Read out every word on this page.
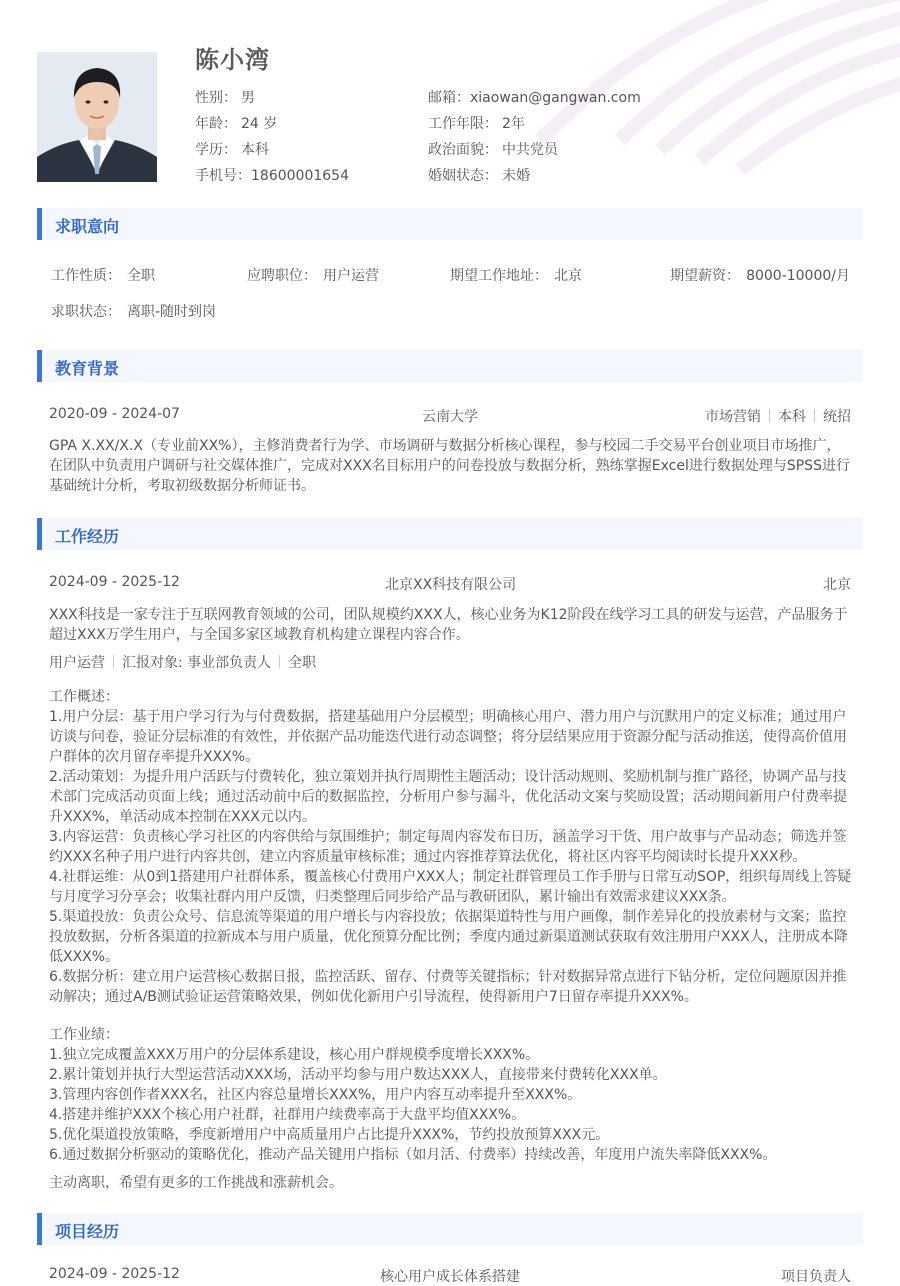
陈小湾
性别： 男	邮箱：xiaowan@gangwan.com
年龄： 24 岁	工作年限： 2年
学历： 本科	政治面貌： 中共党员
手机号：18600001654	婚姻状态： 未婚
求职意向
工作性质： 全职	应聘职位： 用户运营	期望工作地址： 北京	期望薪资： 8000-10000/月
求职状态： 离职-随时到岗
教育背景
2020-09 - 2024-07	云南大学	市场营销 本科 统招
GPA X.XX/X.X（专业前XX%），主修消费者行为学、市场调研与数据分析核心课程，参与校园二手交易平台创业项目市场推广，
在团队中负责用户调研与社交媒体推广，完成对XXX名目标用户的问卷投放与数据分析，熟练掌握Excel进行数据处理与SPSS进行
基础统计分析，考取初级数据分析师证书。
工作经历
2024-09 - 2025-12	北京XX科技有限公司	北京
XXX科技是一家专注于互联网教育领域的公司，团队规模约XXX人，核心业务为K12阶段在线学习工具的研发与运营，产品服务于
超过XXX万学生用户，与全国多家区域教育机构建立课程内容合作。
用户运营 汇报对象: 事业部负责人 全职
工作概述：
1.用户分层：基于用户学习行为与付费数据，搭建基础用户分层模型；明确核心用户、潜力用户与沉默用户的定义标准；通过用户
访谈与问卷，验证分层标准的有效性，并依据产品功能迭代进行动态调整；将分层结果应用于资源分配与活动推送，使得高价值用
户群体的次月留存率提升XXX%。
2.活动策划：为提升用户活跃与付费转化，独立策划并执行周期性主题活动；设计活动规则、奖励机制与推广路径，协调产品与技
术部门完成活动页面上线；通过活动前中后的数据监控，分析用户参与漏斗，优化活动文案与奖励设置；活动期间新用户付费率提
升XXX%，单活动成本控制在XXX元以内。
3.内容运营：负责核心学习社区的内容供给与氛围维护；制定每周内容发布日历，涵盖学习干货、用户故事与产品动态；筛选并签
约XXX名种子用户进行内容共创，建立内容质量审核标准；通过内容推荐算法优化，将社区内容平均阅读时长提升XXX秒。
4.社群运维：从0到1搭建用户社群体系，覆盖核心付费用户XXX人；制定社群管理员工作手册与日常互动SOP，组织每周线上答疑
与月度学习分享会；收集社群内用户反馈，归类整理后同步给产品与教研团队，累计输出有效需求建议XXX条。
5.渠道投放：负责公众号、信息流等渠道的用户增长与内容投放；依据渠道特性与用户画像，制作差异化的投放素材与文案；监控
投放数据，分析各渠道的拉新成本与用户质量，优化预算分配比例；季度内通过新渠道测试获取有效注册用户XXX人，注册成本降
低XXX%。
6.数据分析：建立用户运营核心数据日报，监控活跃、留存、付费等关键指标；针对数据异常点进行下钻分析，定位问题原因并推
动解决；通过A/B测试验证运营策略效果，例如优化新用户引导流程，使得新用户7日留存率提升XXX%。
工作业绩：
1.独立完成覆盖XXX万用户的分层体系建设，核心用户群规模季度增长XXX%。
2.累计策划并执行大型运营活动XXX场，活动平均参与用户数达XXX人，直接带来付费转化XXX单。
3.管理内容创作者XXX名，社区内容总量增长XXX%，用户内容互动率提升至XXX%。
4.搭建并维护XXX个核心用户社群，社群用户续费率高于大盘平均值XXX%。
5.优化渠道投放策略，季度新增用户中高质量用户占比提升XXX%，节约投放预算XXX元。
6.通过数据分析驱动的策略优化，推动产品关键用户指标（如月活、付费率）持续改善，年度用户流失率降低XXX%。
主动离职，希望有更多的工作挑战和涨薪机会。
项目经历
2024-09 - 2025-12	核心用户成长体系搭建	项目负责人
